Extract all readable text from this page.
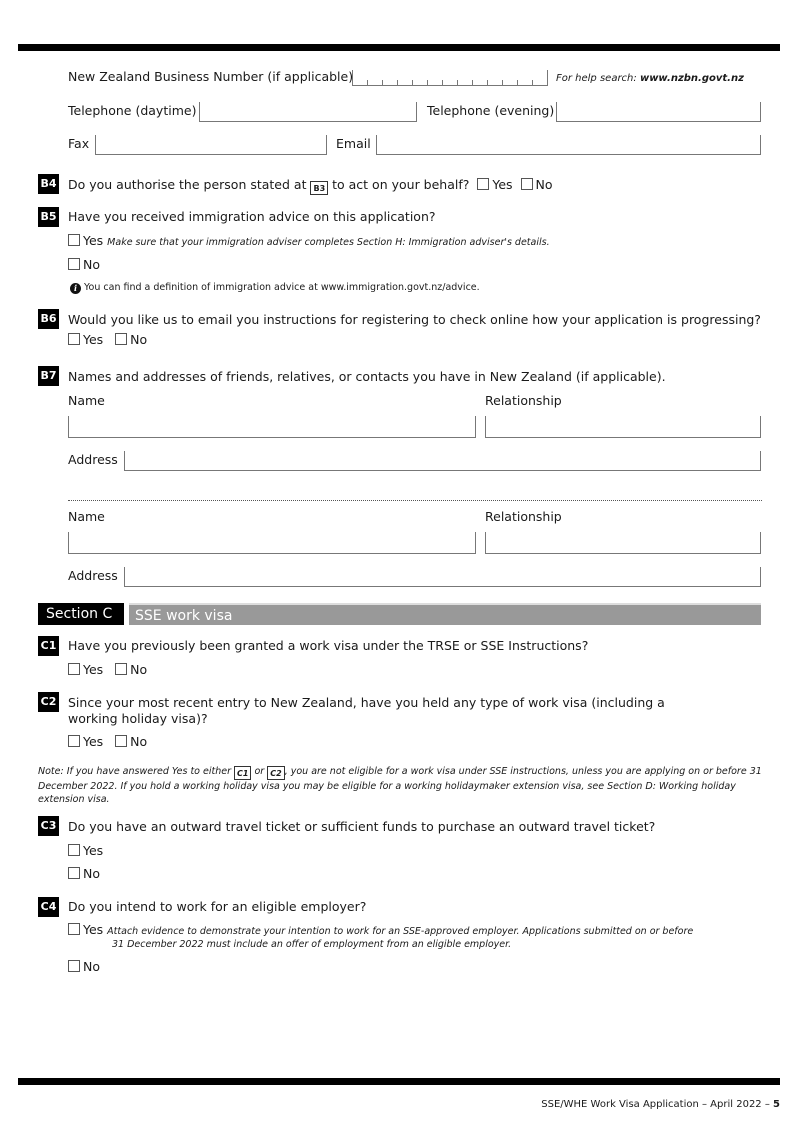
New Zealand Business Number (if applicable)	For help search: www.nzbn.govt.nz
Telephone (daytime)	Telephone (evening)
Fax	Email
B4 Do you authorise the person stated at B3 to act on your behalf? Yes No
B5 Have you received immigration advice on this application?
Yes Make sure that your immigration adviser completes Section H: Immigration adviser's details.
No
i You can find a definition of immigration advice at www.immigration.govt.nz/advice.
B6 Would you like us to email you instructions for registering to check online how your application is progressing?
Yes No
B7 Names and addresses of friends, relatives, or contacts you have in New Zealand (if applicable).
Name	Relationship
Address
Name	Relationship
Address
Section C	SSE work visa
C1 Have you previously been granted a work visa under the TRSE or SSE Instructions?
Yes No
C2 Since your most recent entry to New Zealand, have you held any type of work visa (including a working holiday visa)?
Yes No
Note: If you have answered Yes to either C1 or C2 , you are not eligible for a work visa under SSE instructions, unless you are applying on or before 31 December 2022. If you hold a working holiday visa you may be eligible for a working holidaymaker extension visa, see Section D: Working holiday extension visa.
C3 Do you have an outward travel ticket or sufficient funds to purchase an outward travel ticket?
Yes
No
C4 Do you intend to work for an eligible employer?
Yes Attach evidence to demonstrate your intention to work for an SSE-approved employer. Applications submitted on or before
31 December 2022 must include an offer of employment from an eligible employer.
No
SSE/WHE Work Visa Application – April 2022 – 5
